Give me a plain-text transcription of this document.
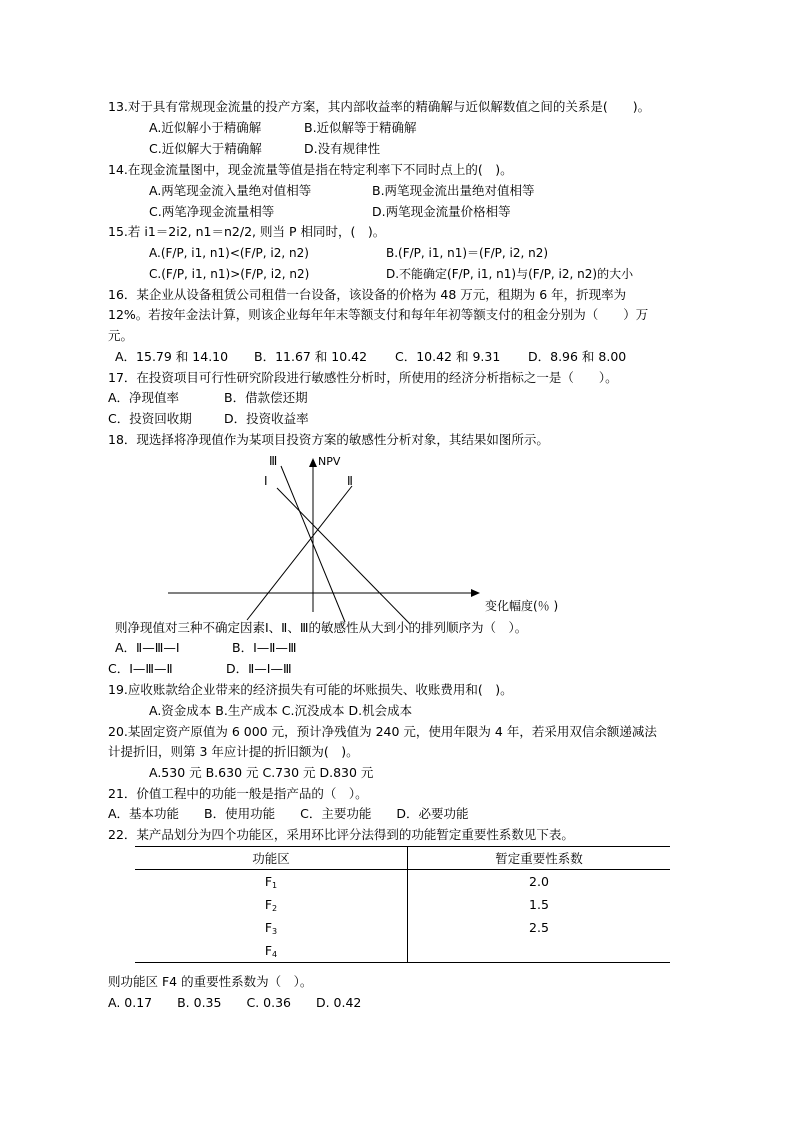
13.对于具有常规现金流量的投产方案，其内部收益率的精确解与近似解数值之间的关系是(　　)。
A.近似解小于精确解	B.近似解等于精确解
C.近似解大于精确解	D.没有规律性
14.在现金流量图中，现金流量等值是指在特定利率下不同时点上的(　)。
A.两笔现金流入量绝对值相等	B.两笔现金流出量绝对值相等
C.两笔净现金流量相等	D.两笔现金流量价格相等
15.若 i1＝2i2, n1＝n2/2, 则当 P 相同时，(　)。
A.(F/P, i1, n1)<(F/P, i2, n2)	B.(F/P, i1, n1)＝(F/P, i2, n2)
C.(F/P, i1, n1)>(F/P, i2, n2)	D.不能确定(F/P, i1, n1)与(F/P, i2, n2)的大小
16．某企业从设备租赁公司租借一台设备，该设备的价格为 48 万元，租期为 6 年，折现率为
12%。若按年金法计算，则该企业每年年末等额支付和每年年初等额支付的租金分别为（　　）万
元。
A．15.79 和 14.10 B．11.67 和 10.42 C．10.42 和 9.31 D．8.96 和 8.00
17．在投资项目可行性研究阶段进行敏感性分析时，所使用的经济分析指标之一是（　　）。
A．净现值率	B．借款偿还期
C．投资回收期	D．投资收益率
18．现选择将净现值作为某项目投资方案的敏感性分析对象，其结果如图所示。
NPV
Ⅲ
Ⅰ	Ⅱ
变化幅度(％ )
则净现值对三种不确定因素Ⅰ、Ⅱ、Ⅲ的敏感性从大到小的排列顺序为（　）。
A．Ⅱ—Ⅲ—Ⅰ	B．Ⅰ—Ⅱ—Ⅲ
C．Ⅰ—Ⅲ—Ⅱ	D．Ⅱ—Ⅰ—Ⅲ
19.应收账款给企业带来的经济损失有可能的坏账损失、收账费用和(　)。
A.资金成本 B.生产成本 C.沉没成本 D.机会成本
20.某固定资产原值为 6 000 元，预计净残值为 240 元，使用年限为 4 年，若采用双信余额递减法
计提折旧，则第 3 年应计提的折旧额为(　)。
A.530 元 B.630 元 C.730 元 D.830 元
21．价值工程中的功能一般是指产品的（　）。
A．基本功能　　B．使用功能　　C．主要功能　　D．必要功能
22．某产品划分为四个功能区，采用环比评分法得到的功能暂定重要性系数见下表。
功能区	暂定重要性系数
$F_1$	2.0
$F_2$	1.5
$F_3$	2.5
$F_4$	
则功能区 F4 的重要性系数为（　）。
A. 0.17　　B. 0.35　　C. 0.36　　D. 0.42
